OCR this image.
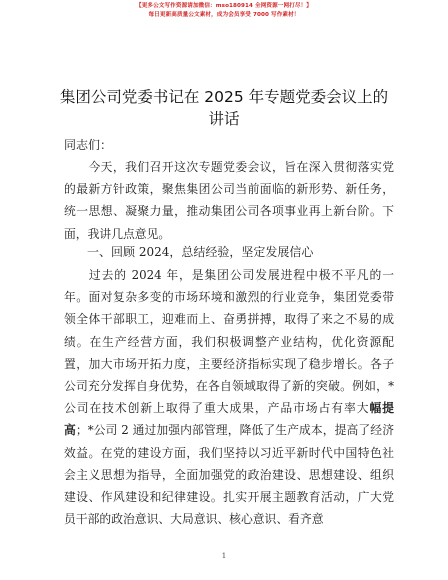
【更多公文写作资源请加微信：mso180914 全网资源一网打尽！】
每日更新高质量公文素材，成为会员享受 7000 写作素材！
集团公司党委书记在 2025 年专题党委会议上的
讲话
同志们：
今天，我们召开这次专题党委会议，旨在深入贯彻落实党的最新方针政策，聚焦集团公司当前面临的新形势、新任务，统一思想、凝聚力量，推动集团公司各项事业再上新台阶。下面，我讲几点意见。
一、回顾 2024，总结经验，坚定发展信心
过去的 2024 年，是集团公司发展进程中极不平凡的一年。面对复杂多变的市场环境和激烈的行业竞争，集团党委带领全体干部职工，迎难而上、奋勇拼搏，取得了来之不易的成绩。在生产经营方面，我们积极调整产业结构，优化资源配置，加大市场开拓力度，主要经济指标实现了稳步增长。各子公司充分发挥自身优势，在各自领域取得了新的突破。例如，*公司在技术创新上取得了重大成果，产品市场占有率大幅提高；*公司 2 通过加强内部管理，降低了生产成本，提高了经济效益。在党的建设方面，我们坚持以习近平新时代中国特色社会主义思想为指导，全面加强党的政治建设、思想建设、组织建设、作风建设和纪律建设。扎实开展主题教育活动，广大党员干部的政治意识、大局意识、核心意识、看齐意
1
